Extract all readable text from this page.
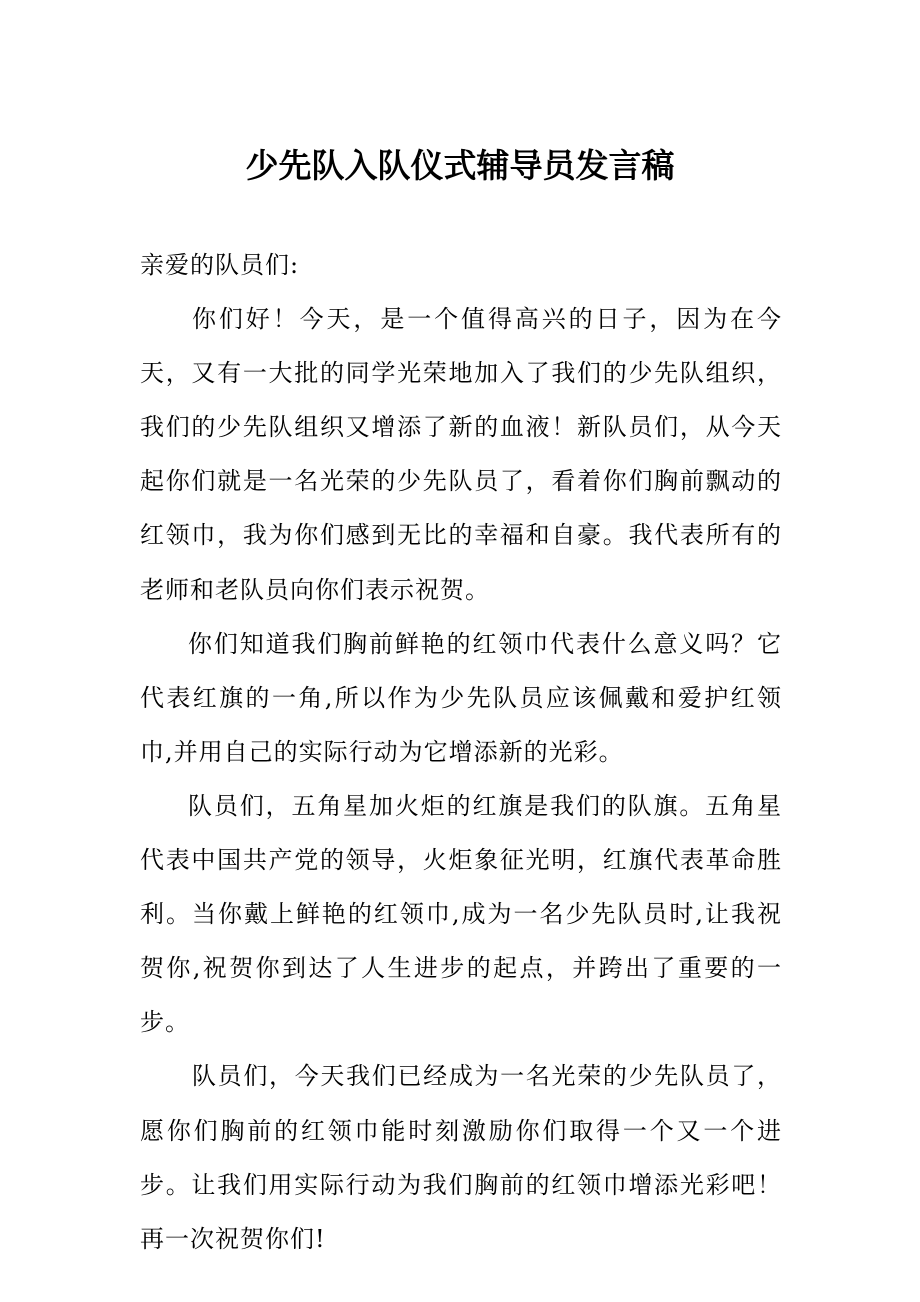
少先队入队仪式辅导员发言稿

亲爱的队员们:

你们好！今天，是一个值得高兴的日子，因为在今天，又有一大批的同学光荣地加入了我们的少先队组织，我们的少先队组织又增添了新的血液！新队员们，从今天起你们就是一名光荣的少先队员了，看着你们胸前飘动的红领巾，我为你们感到无比的幸福和自豪。我代表所有的老师和老队员向你们表示祝贺。

你们知道我们胸前鲜艳的红领巾代表什么意义吗？它代表红旗的一角,所以作为少先队员应该佩戴和爱护红领巾,并用自己的实际行动为它增添新的光彩。

队员们，五角星加火炬的红旗是我们的队旗。五角星代表中国共产党的领导，火炬象征光明，红旗代表革命胜利。当你戴上鲜艳的红领巾,成为一名少先队员时,让我祝贺你,祝贺你到达了人生进步的起点，并跨出了重要的一步。

队员们，今天我们已经成为一名光荣的少先队员了，愿你们胸前的红领巾能时刻激励你们取得一个又一个进步。让我们用实际行动为我们胸前的红领巾增添光彩吧！再一次祝贺你们!
